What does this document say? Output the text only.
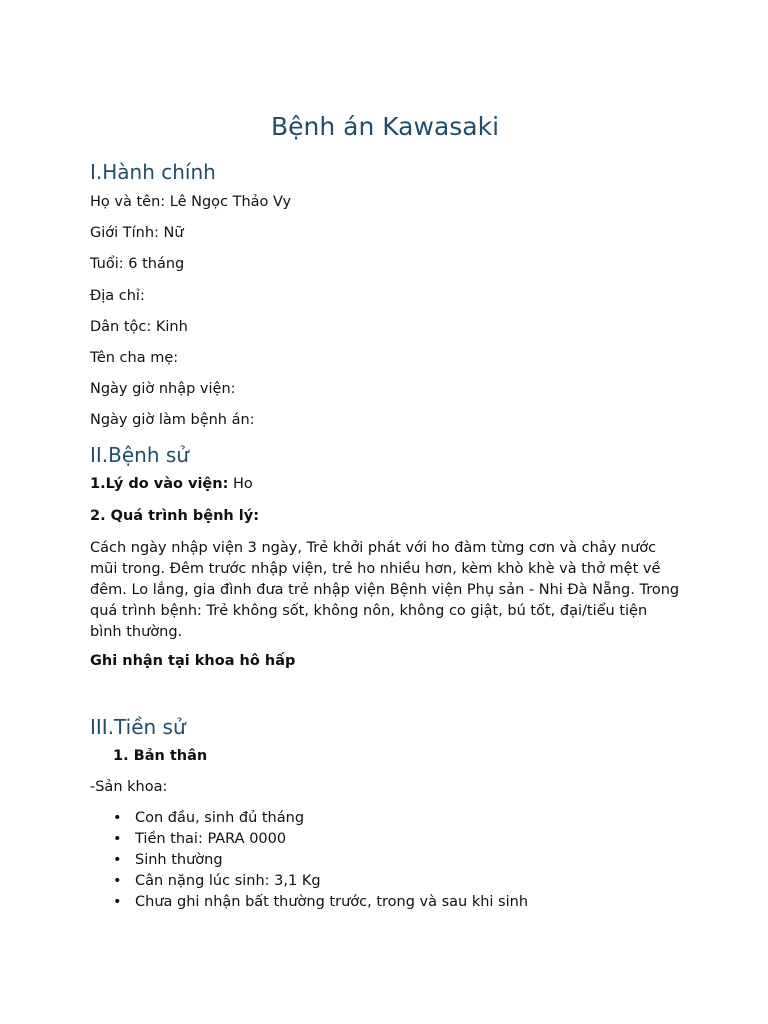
Bệnh án Kawasaki
I.Hành chính

Họ và tên: Lê Ngọc Thảo Vy

Giới Tính: Nữ

Tuổi: 6 tháng

Địa chỉ:

Dân tộc: Kinh

Tên cha mẹ:

Ngày giờ nhập viện:

Ngày giờ làm bệnh án:

II.Bệnh sử

1.Lý do vào viện: Ho

2. Quá trình bệnh lý:

Cách ngày nhập viện 3 ngày, Trẻ khởi phát với ho đàm từng cơn và chảy nước mũi trong. Đêm trước nhập viện, trẻ ho nhiều hơn, kèm khò khè và thở mệt về đêm. Lo lắng, gia đình đưa trẻ nhập viện Bệnh viện Phụ sản - Nhi Đà Nẵng. Trong quá trình bệnh: Trẻ không sốt, không nôn, không co giật, bú tốt, đại/tiểu tiện bình thường.

Ghi nhận tại khoa hô hấp

III.Tiền sử

1. Bản thân

-Sản khoa:

• Con đầu, sinh đủ tháng
• Tiền thai: PARA 0000
• Sinh thường
• Cân nặng lúc sinh: 3,1 Kg
• Chưa ghi nhận bất thường trước, trong và sau khi sinh
